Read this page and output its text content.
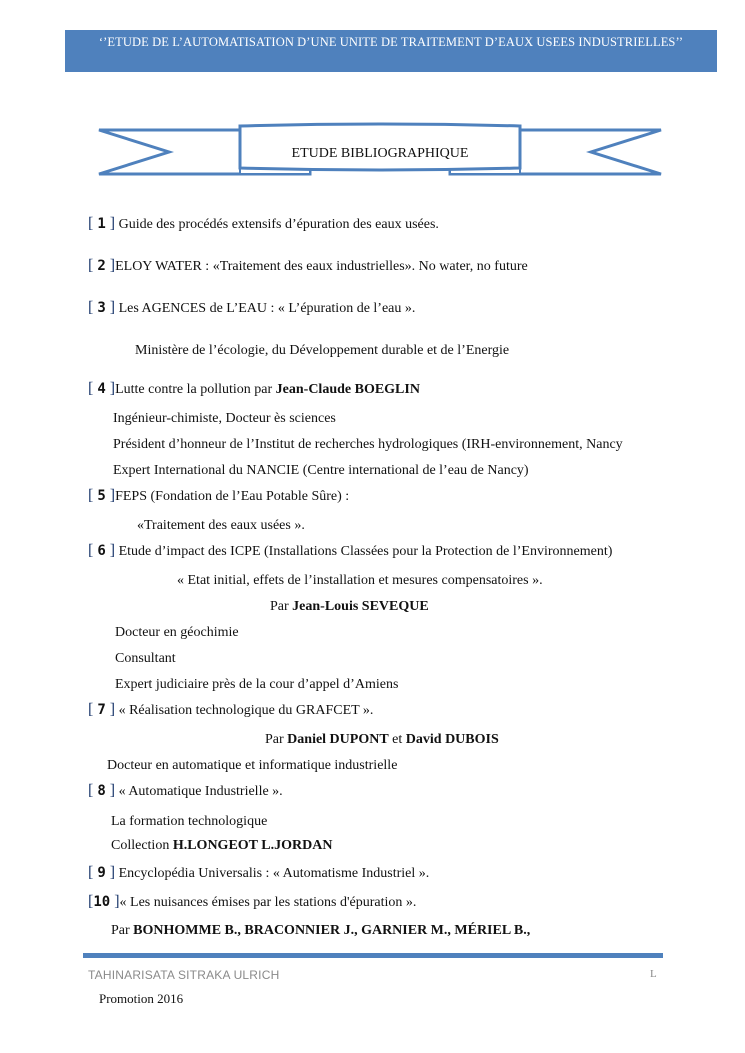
‘’ETUDE DE L’AUTOMATISATION D’UNE UNITE DE TRAITEMENT D’EAUX USEES INDUSTRIELLES’’
ETUDE BIBLIOGRAPHIQUE
[ 1 ] Guide des procédés extensifs d’épuration des eaux usées.
[ 2 ]ELOY WATER : «Traitement des eaux industrielles». No water, no future
[ 3 ] Les AGENCES de L’EAU : « L’épuration de l’eau ».
Ministère de l’écologie, du Développement durable et de l’Energie
[ 4 ]Lutte contre la pollution par Jean-Claude BOEGLIN
Ingénieur-chimiste, Docteur ès sciences
Président d’honneur de l’Institut de recherches hydrologiques (IRH-environnement, Nancy
Expert International du NANCIE (Centre international de l’eau de Nancy)
[ 5 ]FEPS (Fondation de l’Eau Potable Sûre) :
«Traitement des eaux usées ».
[ 6 ] Etude d’impact des ICPE (Installations Classées pour la Protection de l’Environnement)
« Etat initial, effets de l’installation et mesures compensatoires ».
Par Jean-Louis SEVEQUE
Docteur en géochimie
Consultant
Expert judiciaire près de la cour d’appel d’Amiens
[ 7 ] « Réalisation technologique du GRAFCET ».
Par Daniel DUPONT et David DUBOIS
Docteur en automatique et informatique industrielle
[ 8 ] « Automatique Industrielle ».
La formation technologique
Collection H.LONGEOT L.JORDAN
[ 9 ] Encyclopédia Universalis : « Automatisme Industriel ».
[10 ]« Les nuisances émises par les stations d'épuration ».
Par BONHOMME B., BRACONNIER J., GARNIER M., MÉRIEL B.,
TAHINARISATA SITRAKA ULRICH	L
Promotion 2016
